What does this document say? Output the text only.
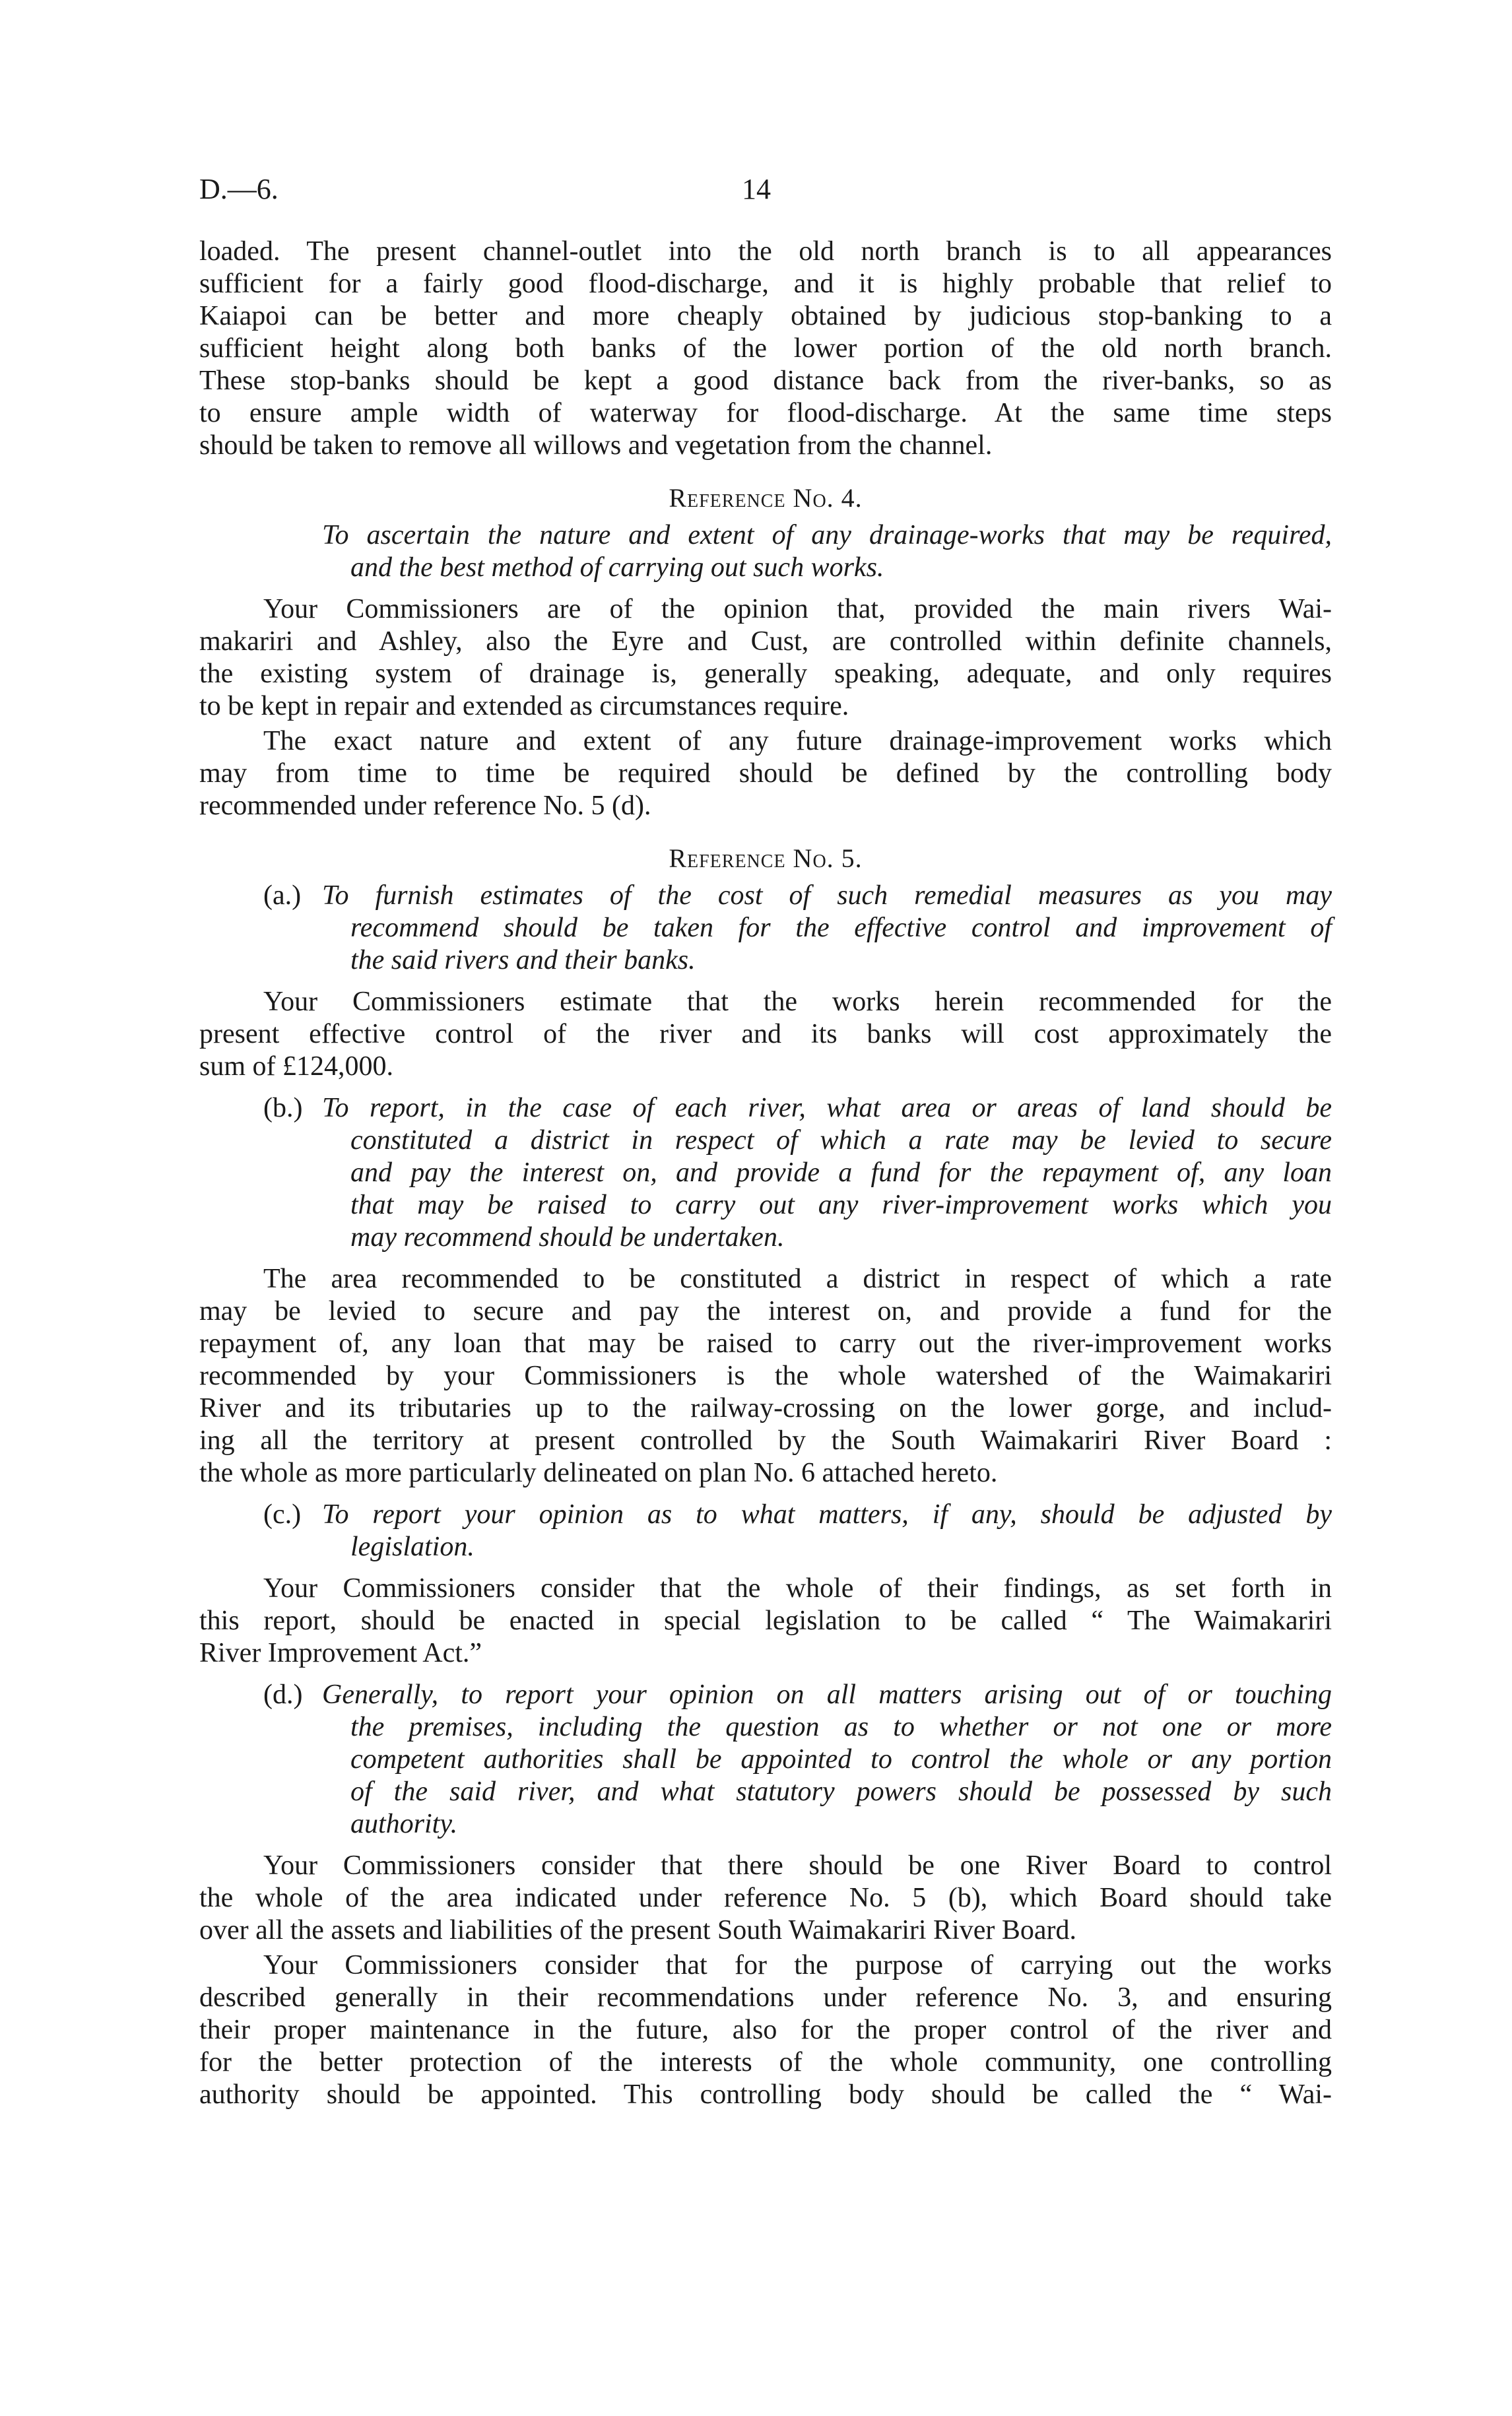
D.—6.	14
loaded. The present channel-outlet into the old north branch is to all appearances
sufficient for a fairly good flood-discharge, and it is highly probable that relief to
Kaiapoi can be better and more cheaply obtained by judicious stop-banking to a
sufficient height along both banks of the lower portion of the old north branch.
These stop-banks should be kept a good distance back from the river-banks, so as
to ensure ample width of waterway for flood-discharge. At the same time steps
should be taken to remove all willows and vegetation from the channel.
Reference No. 4.
To ascertain the nature and extent of any drainage-works that may be required,
and the best method of carrying out such works.
Your Commissioners are of the opinion that, provided the main rivers Wai-
makariri and Ashley, also the Eyre and Cust, are controlled within definite channels,
the existing system of drainage is, generally speaking, adequate, and only requires
to be kept in repair and extended as circumstances require.
The exact nature and extent of any future drainage-improvement works which
may from time to time be required should be defined by the controlling body
recommended under reference No. 5 (d).
Reference No. 5.
(a.) To furnish estimates of the cost of such remedial measures as you may
recommend should be taken for the effective control and improvement of
the said rivers and their banks.
Your Commissioners estimate that the works herein recommended for the
present effective control of the river and its banks will cost approximately the
sum of £124,000.
(b.) To report, in the case of each river, what area or areas of land should be
constituted a district in respect of which a rate may be levied to secure
and pay the interest on, and provide a fund for the repayment of, any loan
that may be raised to carry out any river-improvement works which you
may recommend should be undertaken.
The area recommended to be constituted a district in respect of which a rate
may be levied to secure and pay the interest on, and provide a fund for the
repayment of, any loan that may be raised to carry out the river-improvement works
recommended by your Commissioners is the whole watershed of the Waimakariri
River and its tributaries up to the railway-crossing on the lower gorge, and includ-
ing all the territory at present controlled by the South Waimakariri River Board :
the whole as more particularly delineated on plan No. 6 attached hereto.
(c.) To report your opinion as to what matters, if any, should be adjusted by
legislation.
Your Commissioners consider that the whole of their findings, as set forth in
this report, should be enacted in special legislation to be called “ The Waimakariri
River Improvement Act.”
(d.) Generally, to report your opinion on all matters arising out of or touching
the premises, including the question as to whether or not one or more
competent authorities shall be appointed to control the whole or any portion
of the said river, and what statutory powers should be possessed by such
authority.
Your Commissioners consider that there should be one River Board to control
the whole of the area indicated under reference No. 5 (b), which Board should take
over all the assets and liabilities of the present South Waimakariri River Board.
Your Commissioners consider that for the purpose of carrying out the works
described generally in their recommendations under reference No. 3, and ensuring
their proper maintenance in the future, also for the proper control of the river and
for the better protection of the interests of the whole community, one controlling
authority should be appointed. This controlling body should be called the “ Wai-
